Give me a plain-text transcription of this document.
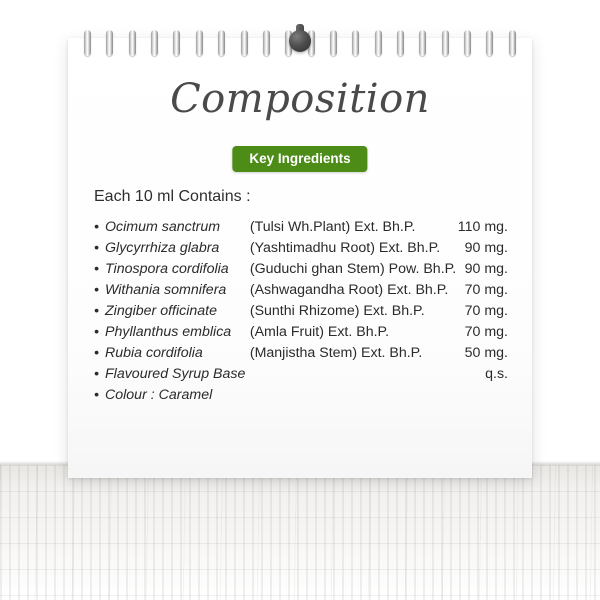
Composition
Key Ingredients
Each 10 ml Contains :
• Ocimum sanctrum	(Tulsi Wh.Plant) Ext. Bh.P.	110 mg.
• Glycyrrhiza glabra	(Yashtimadhu Root) Ext. Bh.P.	90 mg.
• Tinospora cordifolia	(Guduchi ghan Stem) Pow. Bh.P.	90 mg.
• Withania somnifera	(Ashwagandha Root) Ext. Bh.P.	70 mg.
• Zingiber officinate	(Sunthi Rhizome) Ext. Bh.P.	70 mg.
• Phyllanthus emblica	(Amla Fruit) Ext. Bh.P.	70 mg.
• Rubia cordifolia	(Manjistha Stem) Ext. Bh.P.	50 mg.
• Flavoured Syrup Base		q.s.
• Colour : Caramel		
